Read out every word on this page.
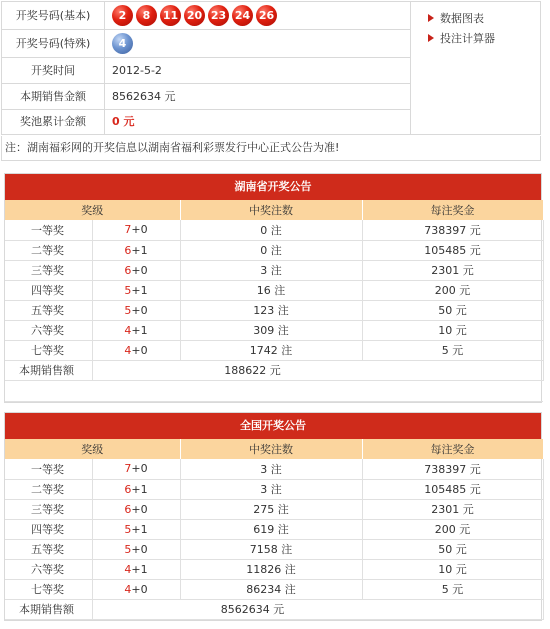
开奖号码(基本)	2	8	11 20 23 24 26
开奖号码(特殊)	4
开奖时间	2012-5-2
本期销售金额	8562634 元
奖池累计金额	0 元
数据图表
投注计算器
注：湖南福彩网的开奖信息以湖南省福利彩票发行中心正式公告为准!
湖南省开奖公告
奖级		中奖注数	每注奖金
一等奖	7+0	0 注	738397 元
二等奖	6+1	0 注	105485 元
三等奖	6+0	3 注	2301 元
四等奖	5+1	16 注	200 元
五等奖	5+0	123 注	50 元
六等奖	4+1	309 注	10 元
七等奖	4+0	1742 注	5 元
本期销售额	188622 元		

全国开奖公告
奖级		中奖注数	每注奖金
一等奖	7+0	3 注	738397 元
二等奖	6+1	3 注	105485 元
三等奖	6+0	275 注	2301 元
四等奖	5+1	619 注	200 元
五等奖	5+0	7158 注	50 元
六等奖	4+1	11826 注	10 元
七等奖	4+0	86234 注	5 元
本期销售额	8562634 元		
